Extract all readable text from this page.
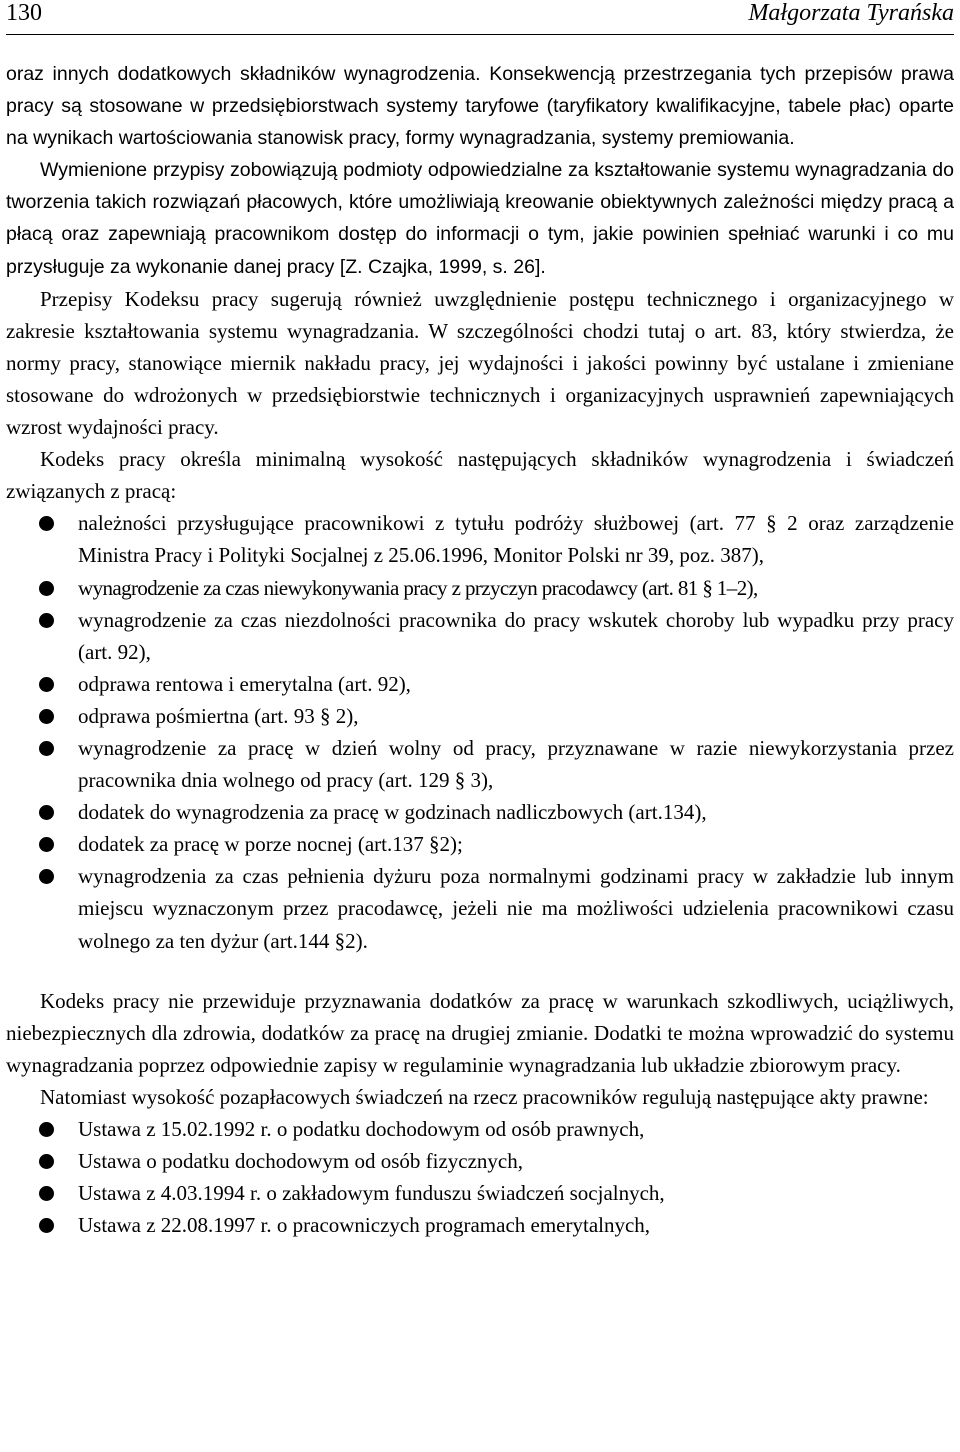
130	Małgorzata Tyrańska

oraz innych dodatkowych składników wynagrodzenia. Konsekwencją przestrzegania tych przepisów prawa pracy są stosowane w przedsiębiorstwach systemy taryfowe (taryfikatory kwalifikacyjne, tabele płac) oparte na wynikach wartościowania stanowisk pracy, formy wynagradzania, systemy premiowania.

Wymienione przypisy zobowiązują podmioty odpowiedzialne za kształtowanie systemu wynagradzania do tworzenia takich rozwiązań płacowych, które umożliwiają kreowanie obiektywnych zależności między pracą a płacą oraz zapewniają pracownikom dostęp do informacji o tym, jakie powinien spełniać warunki i co mu przysługuje za wykonanie danej pracy [Z. Czajka, 1999, s. 26].

Przepisy Kodeksu pracy sugerują również uwzględnienie postępu technicznego i organizacyjnego w zakresie kształtowania systemu wynagradzania. W szczególności chodzi tutaj o art. 83, który stwierdza, że normy pracy, stanowiące miernik nakładu pracy, jej wydajności i jakości powinny być ustalane i zmieniane stosowane do wdrożonych w przedsiębiorstwie technicznych i organizacyjnych usprawnień zapewniających wzrost wydajności pracy.

Kodeks pracy określa minimalną wysokość następujących składników wynagrodzenia i świadczeń związanych z pracą:

należności przysługujące pracownikowi z tytułu podróży służbowej (art. 77 § 2 oraz zarządzenie Ministra Pracy i Polityki Socjalnej z 25.06.1996, Monitor Polski nr 39, poz. 387),
wynagrodzenie za czas niewykonywania pracy z przyczyn pracodawcy (art. 81 § 1–2),
wynagrodzenie za czas niezdolności pracownika do pracy wskutek choroby lub wypadku przy pracy (art. 92),
odprawa rentowa i emerytalna (art. 92),
odprawa pośmiertna (art. 93 § 2),
wynagrodzenie za pracę w dzień wolny od pracy, przyznawane w razie niewykorzystania przez pracownika dnia wolnego od pracy (art. 129 § 3),
dodatek do wynagrodzenia za pracę w godzinach nadliczbowych (art.134),
dodatek za pracę w porze nocnej (art.137 §2);
wynagrodzenia za czas pełnienia dyżuru poza normalnymi godzinami pracy w zakładzie lub innym miejscu wyznaczonym przez pracodawcę, jeżeli nie ma możliwości udzielenia pracownikowi czasu wolnego za ten dyżur (art.144 §2).

Kodeks pracy nie przewiduje przyznawania dodatków za pracę w warunkach szkodliwych, uciążliwych, niebezpiecznych dla zdrowia, dodatków za pracę na drugiej zmianie. Dodatki te można wprowadzić do systemu wynagradzania poprzez odpowiednie zapisy w regulaminie wynagradzania lub układzie zbiorowym pracy.

Natomiast wysokość pozapłacowych świadczeń na rzecz pracowników regulują następujące akty prawne:

Ustawa z 15.02.1992 r. o podatku dochodowym od osób prawnych,
Ustawa o podatku dochodowym od osób fizycznych,
Ustawa z 4.03.1994 r. o zakładowym funduszu świadczeń socjalnych,
Ustawa z 22.08.1997 r. o pracowniczych programach emerytalnych,
